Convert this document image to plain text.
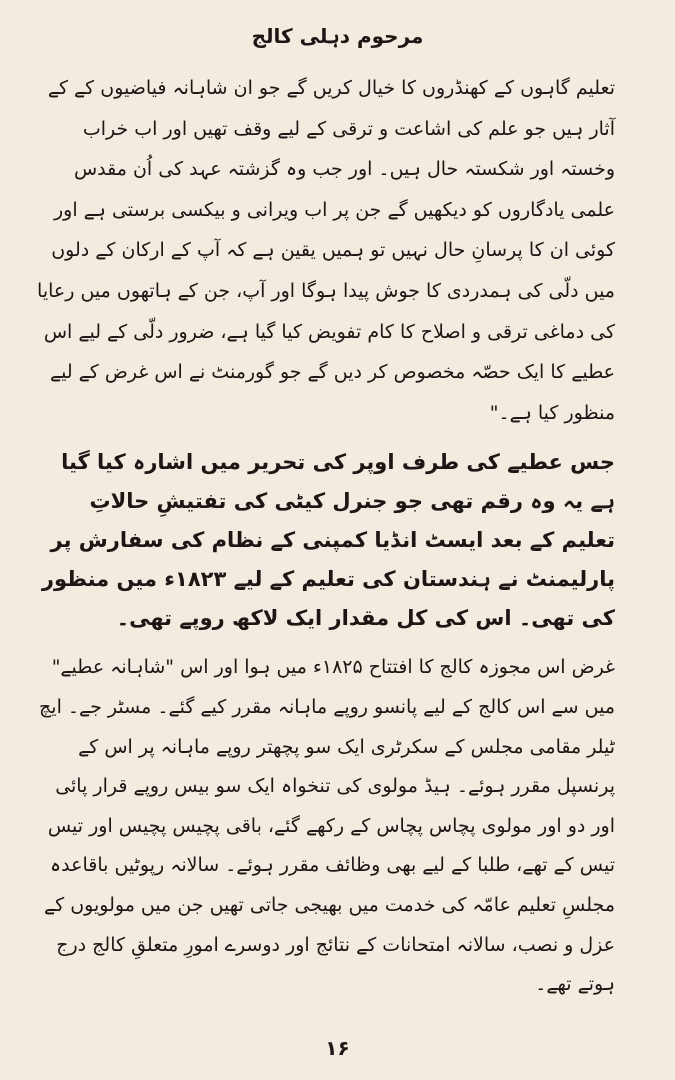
مرحوم دہلی کالج

تعلیم گاہوں کے کھنڈروں کا خیال کریں گے جو ان شاہانہ فیاضیوں کے کے آثار ہیں جو علم کی اشاعت و ترقی کے لیے وقف تھیں اور اب خراب وخستہ اور شکستہ حال ہیں۔ اور جب وہ گزشتہ عہد کی اُن مقدس علمی یادگاروں کو دیکھیں گے جن پر اب ویرانی و بیکسی برستی ہے اور کوئی ان کا پرسانِ حال نہیں تو ہمیں یقین ہے کہ آپ کے ارکان کے دلوں میں دلّی کی ہمدردی کا جوش پیدا ہوگا اور آپ، جن کے ہاتھوں میں رعایا کی دماغی ترقی و اصلاح کا کام تفویض کیا گیا ہے، ضرور دلّی کے لیے اس عطیے کا ایک حصّہ مخصوص کر دیں گے جو گورمنٹ نے اس غرض کے لیے منظور کیا ہے۔"

جس عطیے کی طرف اوپر کی تحریر میں اشارہ کیا گیا ہے یہ وہ رقم تھی جو جنرل کیٹی کی تفتیشِ حالاتِ تعلیم کے بعد ایسٹ انڈیا کمپنی کے نظام کی سفارش پر پارلیمنٹ نے ہندستان کی تعلیم کے لیے ۱۸۲۳ء میں منظور کی تھی۔ اس کی کل مقدار ایک لاکھ روپے تھی۔

غرض اس مجوزہ کالج کا افتتاح ۱۸۲۵ء میں ہوا اور اس "شاہانہ عطیے" میں سے اس کالج کے لیے پانسو روپے ماہانہ مقرر کیے گئے۔ مسٹر جے۔ ایچ ٹیلر مقامی مجلس کے سکرٹری ایک سو پچھتر روپے ماہانہ پر اس کے پرنسپل مقرر ہوئے۔ ہیڈ مولوی کی تنخواہ ایک سو بیس روپے قرار پائی اور دو اور مولوی پچاس پچاس کے رکھے گئے، باقی پچیس پچیس اور تیس تیس کے تھے، طلبا کے لیے بھی وظائف مقرر ہوئے۔ سالانہ رپوٹیں باقاعدہ مجلسِ تعلیم عامّہ کی خدمت میں بھیجی جاتی تھیں جن میں مولویوں کے عزل و نصب، سالانہ امتحانات کے نتائج اور دوسرے امورِ متعلقِ کالج درج ہوتے تھے۔

۱۶
